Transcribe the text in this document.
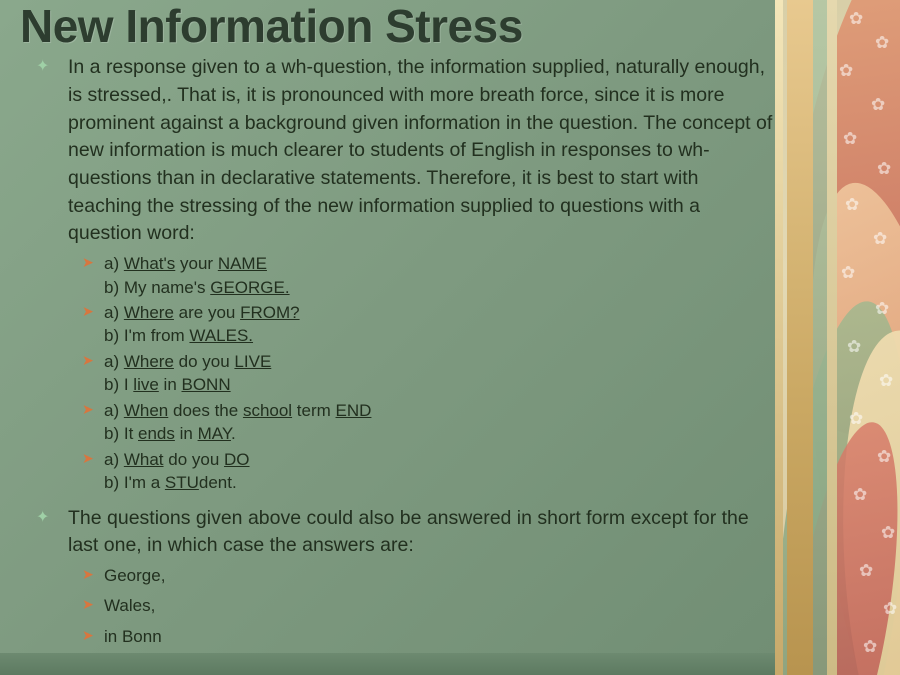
✿
✿
✿
✿
✿
✿
✿
✿
✿
✿
✿
✿
✿
✿
✿
✿
✿
✿
✿
New Information Stress
✦ In a response given to a wh-question, the information supplied, naturally enough, is stressed,. That is, it is pronounced with more breath force, since it is more prominent against a background given information in the question. The concept of new information is much clearer to students of English in responses to wh-questions than in declarative statements. Therefore, it is best to start with teaching the stressing of the new information supplied to questions with a question word:
➤ a) What's your NAME
b) My name's GEORGE.
➤ a) Where are you FROM?
b) I'm from WALES.
➤ a) Where do you LIVE
b) I live in BONN
➤ a) When does the school term END
b) It ends in MAY.
➤ a) What do you DO
b) I'm a STUdent.
✦ The questions given above could also be answered in short form except for the last one, in which case the answers are:
➤ George,
➤ Wales,
➤ in Bonn
